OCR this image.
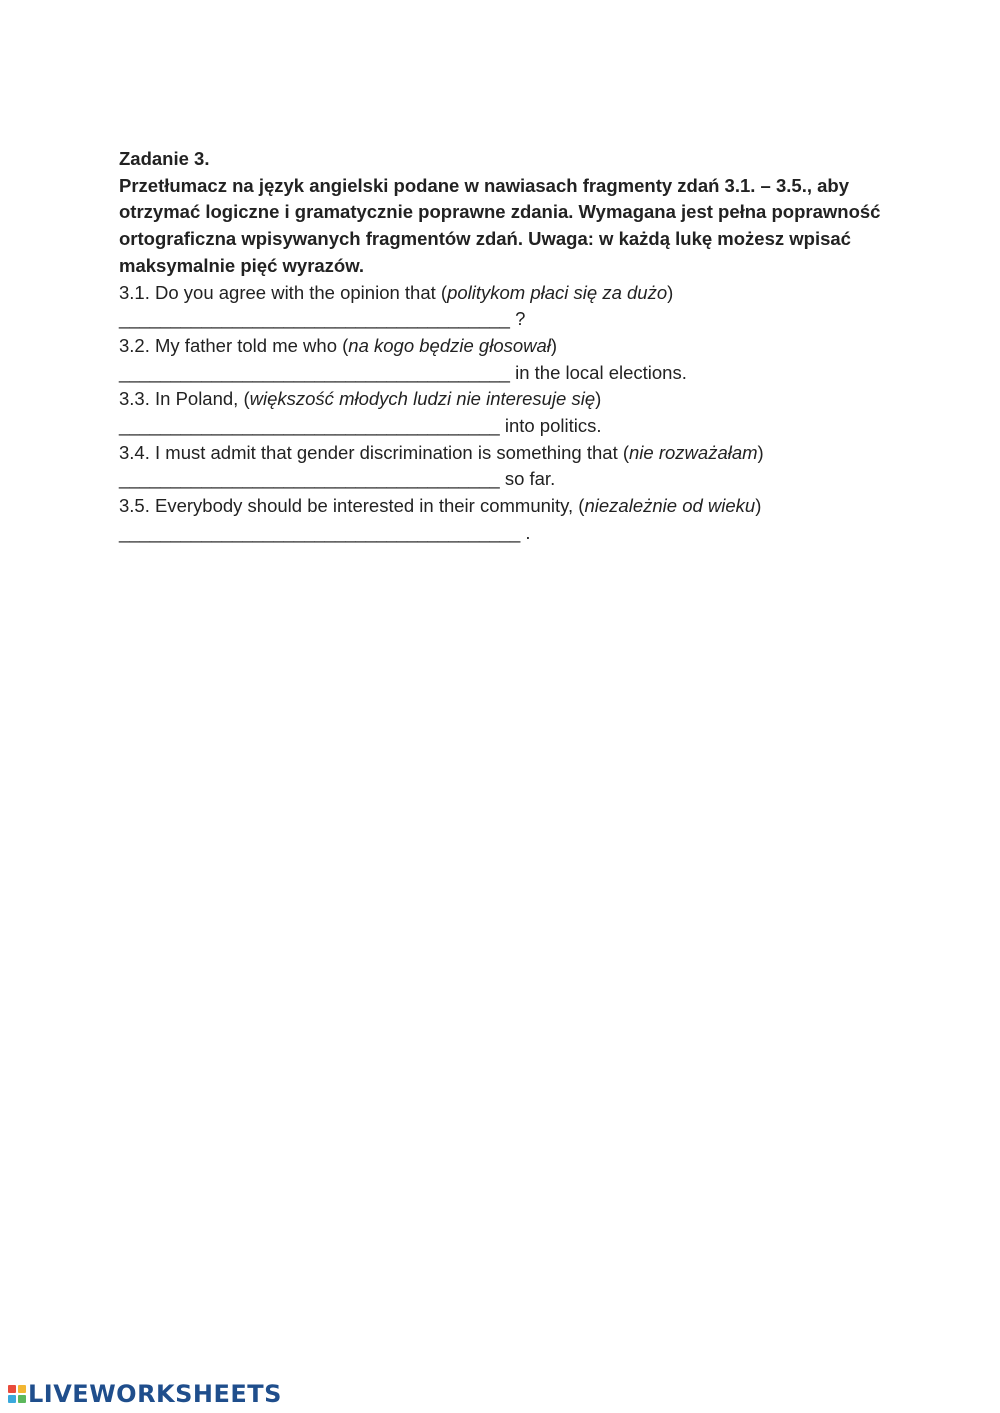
Zadanie 3.

Przetłumacz na język angielski podane w nawiasach fragmenty zdań 3.1. – 3.5., aby

otrzymać logiczne i gramatycznie poprawne zdania. Wymagana jest pełna poprawność

ortograficzna wpisywanych fragmentów zdań. Uwaga: w każdą lukę możesz wpisać

maksymalnie pięć wyrazów.

3.1. Do you agree with the opinion that (politykom płaci się za dużo)

______________________________________ ?

3.2. My father told me who (na kogo będzie głosował)

______________________________________ in the local elections.

3.3. In Poland, (większość młodych ludzi nie interesuje się)

_____________________________________ into politics.

3.4. I must admit that gender discrimination is something that (nie rozważałam)

_____________________________________ so far.

3.5. Everybody should be interested in their community, (niezależnie od wieku)

_______________________________________ .

LIVEWORKSHEETS
